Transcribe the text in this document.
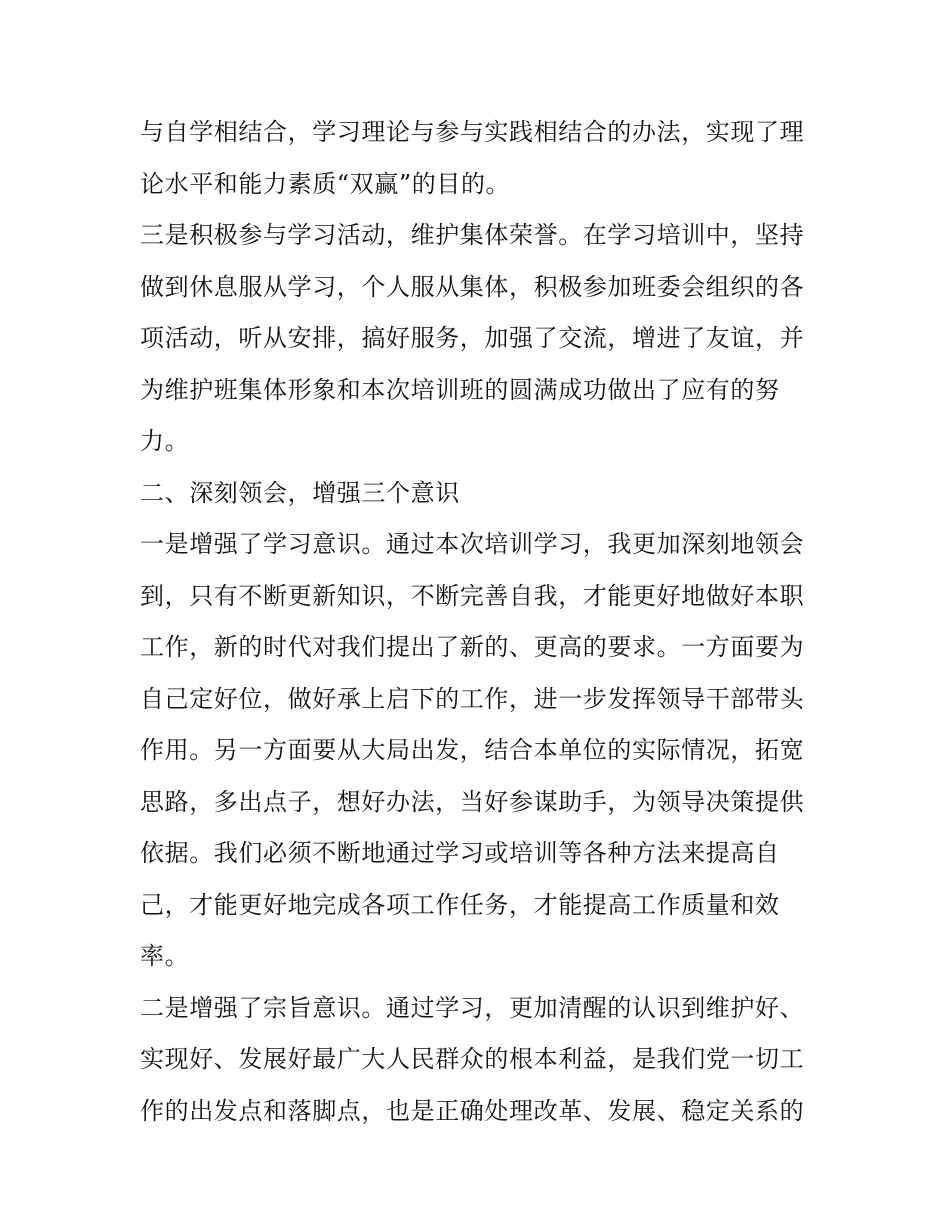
与自学相结合，学习理论与参与实践相结合的办法，实现了理
论水平和能力素质“双赢”的目的。
三是积极参与学习活动，维护集体荣誉。在学习培训中，坚持
做到休息服从学习，个人服从集体，积极参加班委会组织的各
项活动，听从安排，搞好服务，加强了交流，增进了友谊，并
为维护班集体形象和本次培训班的圆满成功做出了应有的努
力。
二、深刻领会，增强三个意识
一是增强了学习意识。通过本次培训学习，我更加深刻地领会
到，只有不断更新知识，不断完善自我，才能更好地做好本职
工作，新的时代对我们提出了新的、更高的要求。一方面要为
自己定好位，做好承上启下的工作，进一步发挥领导干部带头
作用。另一方面要从大局出发，结合本单位的实际情况，拓宽
思路，多出点子，想好办法，当好参谋助手，为领导决策提供
依据。我们必须不断地通过学习或培训等各种方法来提高自
己，才能更好地完成各项工作任务，才能提高工作质量和效
率。
二是增强了宗旨意识。通过学习，更加清醒的认识到维护好、
实现好、发展好最广大人民群众的根本利益，是我们党一切工
作的出发点和落脚点，也是正确处理改革、发展、稳定关系的
